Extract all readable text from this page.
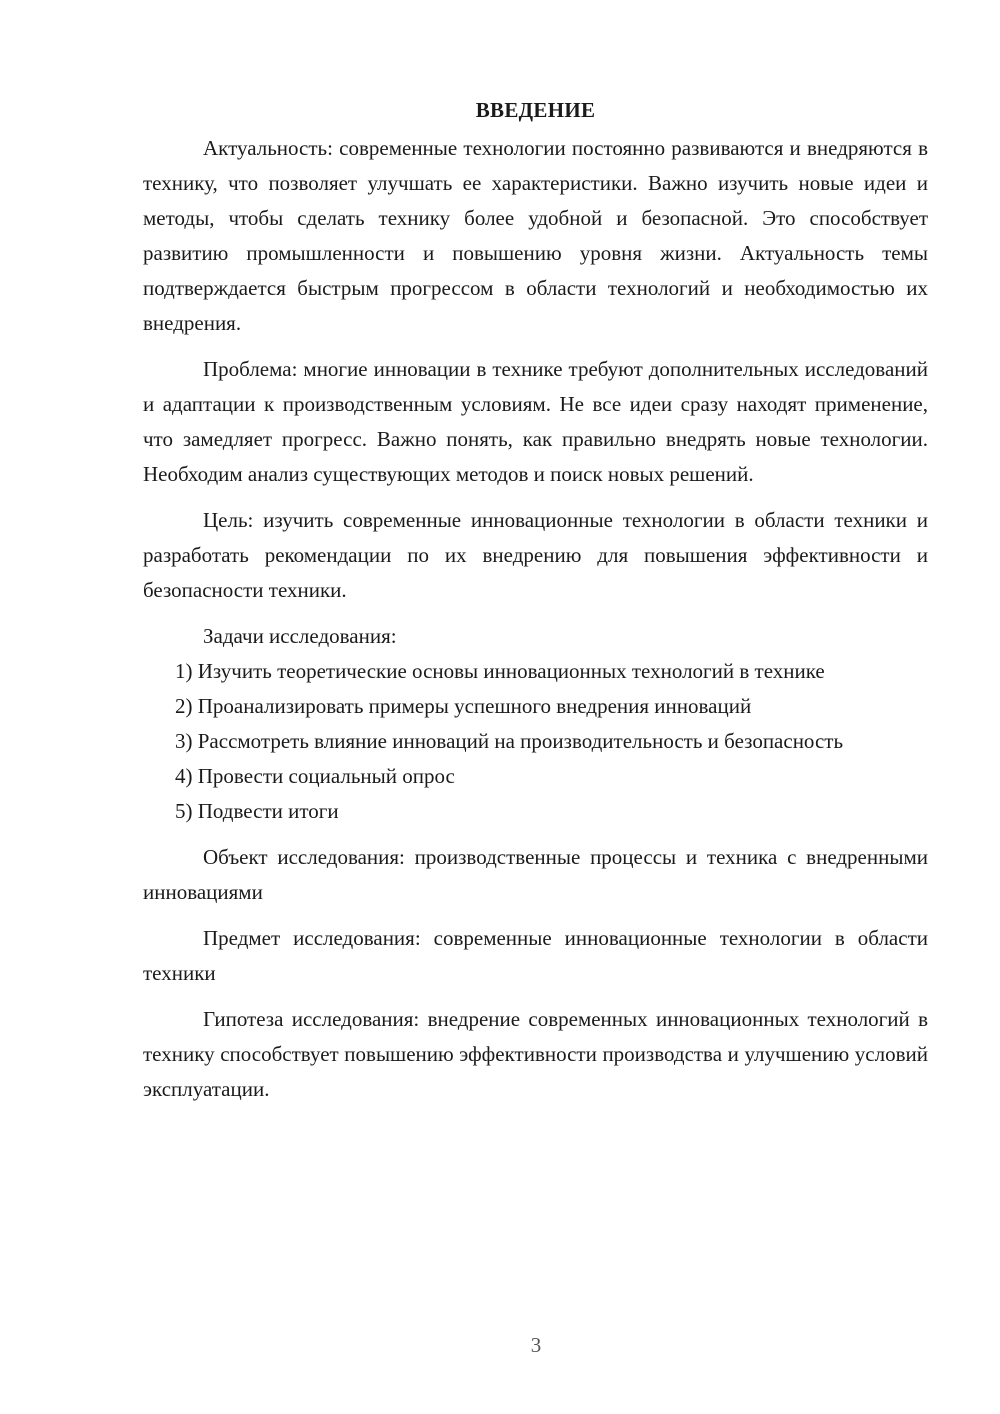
ВВЕДЕНИЕ

Актуальность: современные технологии постоянно развиваются и внедряются в технику, что позволяет улучшать ее характеристики. Важно изучить новые идеи и методы, чтобы сделать технику более удобной и безопасной. Это способствует развитию промышленности и повышению уровня жизни. Актуальность темы подтверждается быстрым прогрессом в области технологий и необходимостью их внедрения.

Проблема: многие инновации в технике требуют дополнительных исследований и адаптации к производственным условиям. Не все идеи сразу находят применение, что замедляет прогресс. Важно понять, как правильно внедрять новые технологии. Необходим анализ существующих методов и поиск новых решений.

Цель: изучить современные инновационные технологии в области техники и разработать рекомендации по их внедрению для повышения эффективности и безопасности техники.

Задачи исследования:

1) Изучить теоретические основы инновационных технологий в технике

2) Проанализировать примеры успешного внедрения инноваций

3) Рассмотреть влияние инноваций на производительность и безопасность

4) Провести социальный опрос

5) Подвести итоги

Объект исследования: производственные процессы и техника с внедренными инновациями

Предмет исследования: современные инновационные технологии в области техники

Гипотеза исследования: внедрение современных инновационных технологий в технику способствует повышению эффективности производства и улучшению условий эксплуатации.

3
